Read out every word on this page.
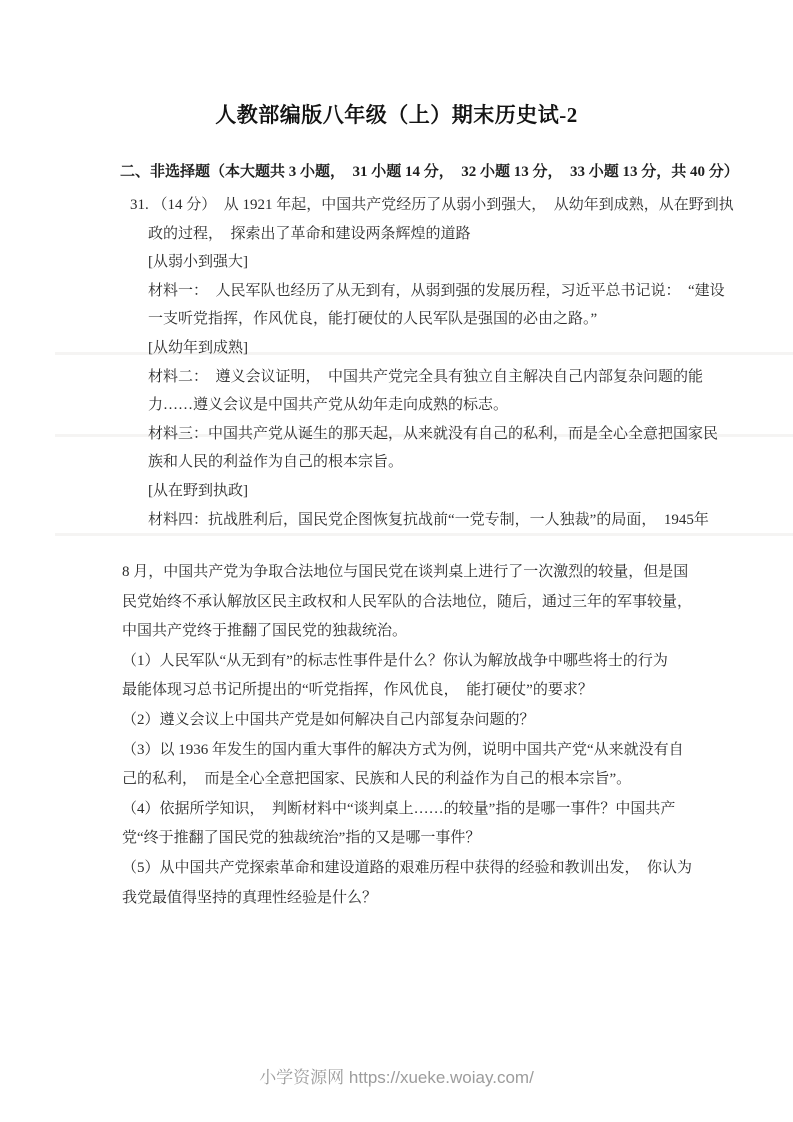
人教部编版八年级（上）期末历史试-2
二、非选择题（本大题共 3 小题，  31 小题 14 分，  32 小题 13 分，  33 小题 13 分，共 40 分）
31. （14 分）  从 1921 年起，中国共产党经历了从弱小到强大，  从幼年到成熟，从在野到执
政的过程，  探索出了革命和建设两条辉煌的道路
[从弱小到强大]
材料一：  人民军队也经历了从无到有，从弱到强的发展历程，习近平总书记说：  “建设
一支听党指挥，作风优良，能打硬仗的人民军队是强国的必由之路。”
[从幼年到成熟]
材料二：  遵义会议证明，  中国共产党完全具有独立自主解决自己内部复杂问题的能
力……遵义会议是中国共产党从幼年走向成熟的标志。
材料三：中国共产党从诞生的那天起，从来就没有自己的私利，而是全心全意把国家民
族和人民的利益作为自己的根本宗旨。
[从在野到执政]
材料四：抗战胜利后，国民党企图恢复抗战前“一党专制，一人独裁”的局面，  1945年
8 月，中国共产党为争取合法地位与国民党在谈判桌上进行了一次激烈的较量，但是国
民党始终不承认解放区民主政权和人民军队的合法地位，随后，通过三年的军事较量，
中国共产党终于推翻了国民党的独裁统治。
（1）人民军队“从无到有”的标志性事件是什么？你认为解放战争中哪些将士的行为
最能体现习总书记所提出的“听党指挥，作风优良，  能打硬仗”的要求？
（2）遵义会议上中国共产党是如何解决自己内部复杂问题的？
（3）以 1936 年发生的国内重大事件的解决方式为例，说明中国共产党“从来就没有自
己的私利，  而是全心全意把国家、民族和人民的利益作为自己的根本宗旨”。
（4）依据所学知识，  判断材料中“谈判桌上……的较量”指的是哪一事件？中国共产
党“终于推翻了国民党的独裁统治”指的又是哪一事件？
（5）从中国共产党探索革命和建设道路的艰难历程中获得的经验和教训出发，  你认为
我党最值得坚持的真理性经验是什么？
小学资源网 https://xueke.woiay.com/
